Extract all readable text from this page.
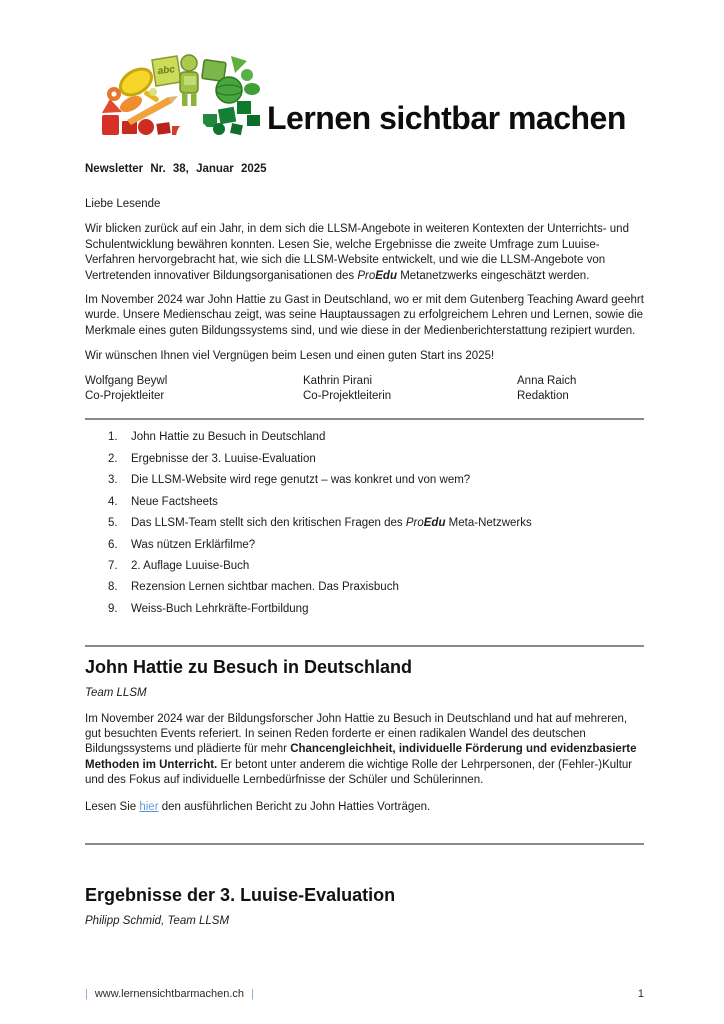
abc
Lernen sichtbar machen
Newsletter Nr. 38, Januar 2025

Liebe Lesende

Wir blicken zurück auf ein Jahr, in dem sich die LLSM-Angebote in weiteren Kontexten der Unterrichts- und Schulentwicklung bewähren konnten. Lesen Sie, welche Ergebnisse die zweite Umfrage zum Luuise-Verfahren hervorgebracht hat, wie sich die LLSM-Website entwickelt, und wie die LLSM-Angebote von Vertretenden innovativer Bildungsorganisationen des ProEdu Metanetzwerks eingeschätzt werden.

Im November 2024 war John Hattie zu Gast in Deutschland, wo er mit dem Gutenberg Teaching Award geehrt wurde. Unsere Medienschau zeigt, was seine Hauptaussagen zu erfolgreichem Lehren und Lernen, sowie die Merkmale eines guten Bildungssystems sind, und wie diese in der Medienberichterstattung rezipiert wurden.

Wir wünschen Ihnen viel Vergnügen beim Lesen und einen guten Start ins 2025!

Wolfgang Beywl
Co-Projektleiter
Kathrin Pirani
Co-Projektleiterin
Anna Raich
Redaktion
1. John Hattie zu Besuch in Deutschland
2. Ergebnisse der 3. Luuise-Evaluation
3. Die LLSM-Website wird rege genutzt – was konkret und von wem?
4. Neue Factsheets
5. Das LLSM-Team stellt sich den kritischen Fragen des ProEdu Meta-Netzwerks
6. Was nützen Erklärfilme?
7. 2. Auflage Luuise-Buch
8. Rezension Lernen sichtbar machen. Das Praxisbuch
9. Weiss-Buch Lehrkräfte-Fortbildung
John Hattie zu Besuch in Deutschland

Team LLSM

Im November 2024 war der Bildungsforscher John Hattie zu Besuch in Deutschland und hat auf mehreren, gut besuchten Events referiert. In seinen Reden forderte er einen radikalen Wandel des deutschen Bildungssystems und plädierte für mehr Chancengleichheit, individuelle Förderung und evidenzbasierte Methoden im Unterricht. Er betont unter anderem die wichtige Rolle der Lehrpersonen, der (Fehler-)Kultur und des Fokus auf individuelle Lernbedürfnisse der Schüler und Schülerinnen.

Lesen Sie hier den ausführlichen Bericht zu John Hatties Vorträgen.

Ergebnisse der 3. Luuise-Evaluation

Philipp Schmid, Team LLSM

| www.lernensichtbarmachen.ch |	1
